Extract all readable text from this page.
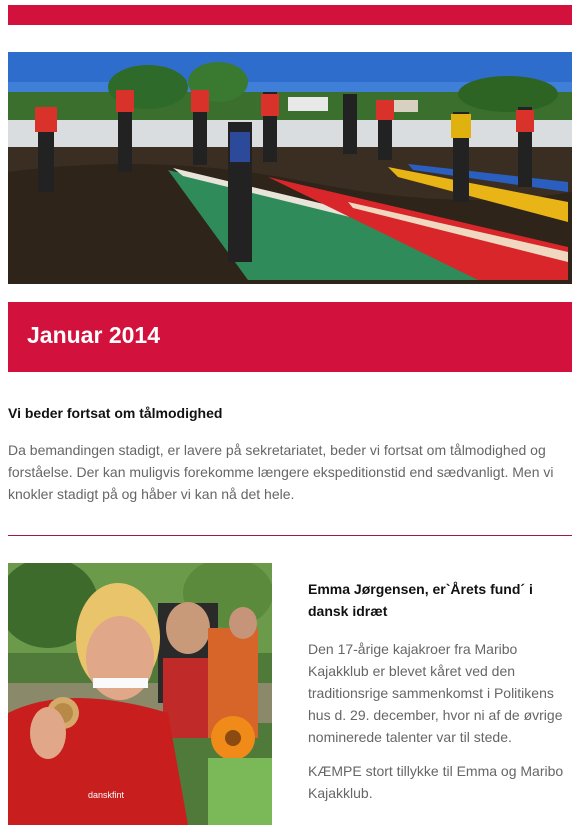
Januar 2014
Vi beder fortsat om tålmodighed

Da bemandingen stadigt, er lavere på sekretariatet, beder vi fortsat om tålmodighed og forståelse. Der kan muligvis forekomme længere ekspeditionstid end sædvanligt. Men vi knokler stadigt på og håber vi kan nå det hele.

danskfint
Emma Jørgensen, er`Årets fund´ i dansk idræt

Den 17-årige kajakroer fra Maribo Kajakklub er blevet kåret ved den traditionsrige sammenkomst i Politikens hus d. 29. december, hvor ni af de øvrige nominerede talenter var til stede.

KÆMPE stort tillykke til Emma og Maribo Kajakklub.
